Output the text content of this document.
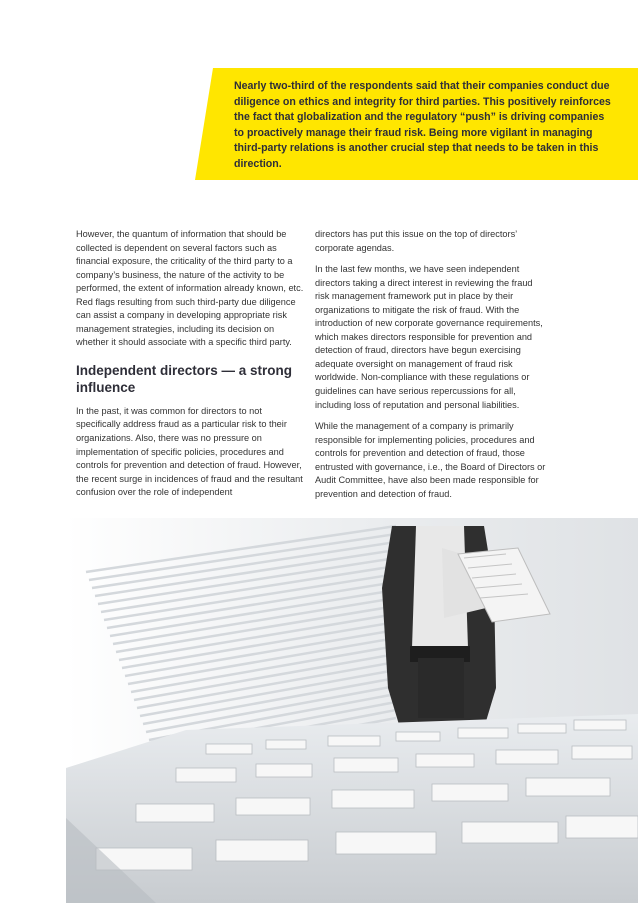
Nearly two-third of the respondents said that their companies conduct due diligence on ethics and integrity for third parties. This positively reinforces the fact that globalization and the regulatory “push” is driving companies to proactively manage their fraud risk. Being more vigilant in managing third-party relations is another crucial step that needs to be taken in this direction.

However, the quantum of information that should be collected is dependent on several factors such as financial exposure, the criticality of the third party to a company’s business, the nature of the activity to be performed, the extent of information already known, etc. Red flags resulting from such third-party due diligence can assist a company in developing appropriate risk management strategies, including its decision on whether it should associate with a specific third party.

Independent directors — a strong influence

In the past, it was common for directors to not specifically address fraud as a particular risk to their organizations. Also, there was no pressure on implementation of specific policies, procedures and controls for prevention and detection of fraud. However, the recent surge in incidences of fraud and the resultant confusion over the role of independent

directors has put this issue on the top of directors’ corporate agendas.

In the last few months, we have seen independent directors taking a direct interest in reviewing the fraud risk management framework put in place by their organizations to mitigate the risk of fraud. With the introduction of new corporate governance requirements, which makes directors responsible for prevention and detection of fraud, directors have begun exercising adequate oversight on management of fraud risk worldwide. Non-compliance with these regulations or guidelines can have serious repercussions for all, including loss of reputation and personal liabilities.

While the management of a company is primarily responsible for implementing policies, procedures and controls for prevention and detection of fraud, those entrusted with governance, i.e., the Board of Directors or Audit Committee, have also been made responsible for prevention and detection of fraud.
